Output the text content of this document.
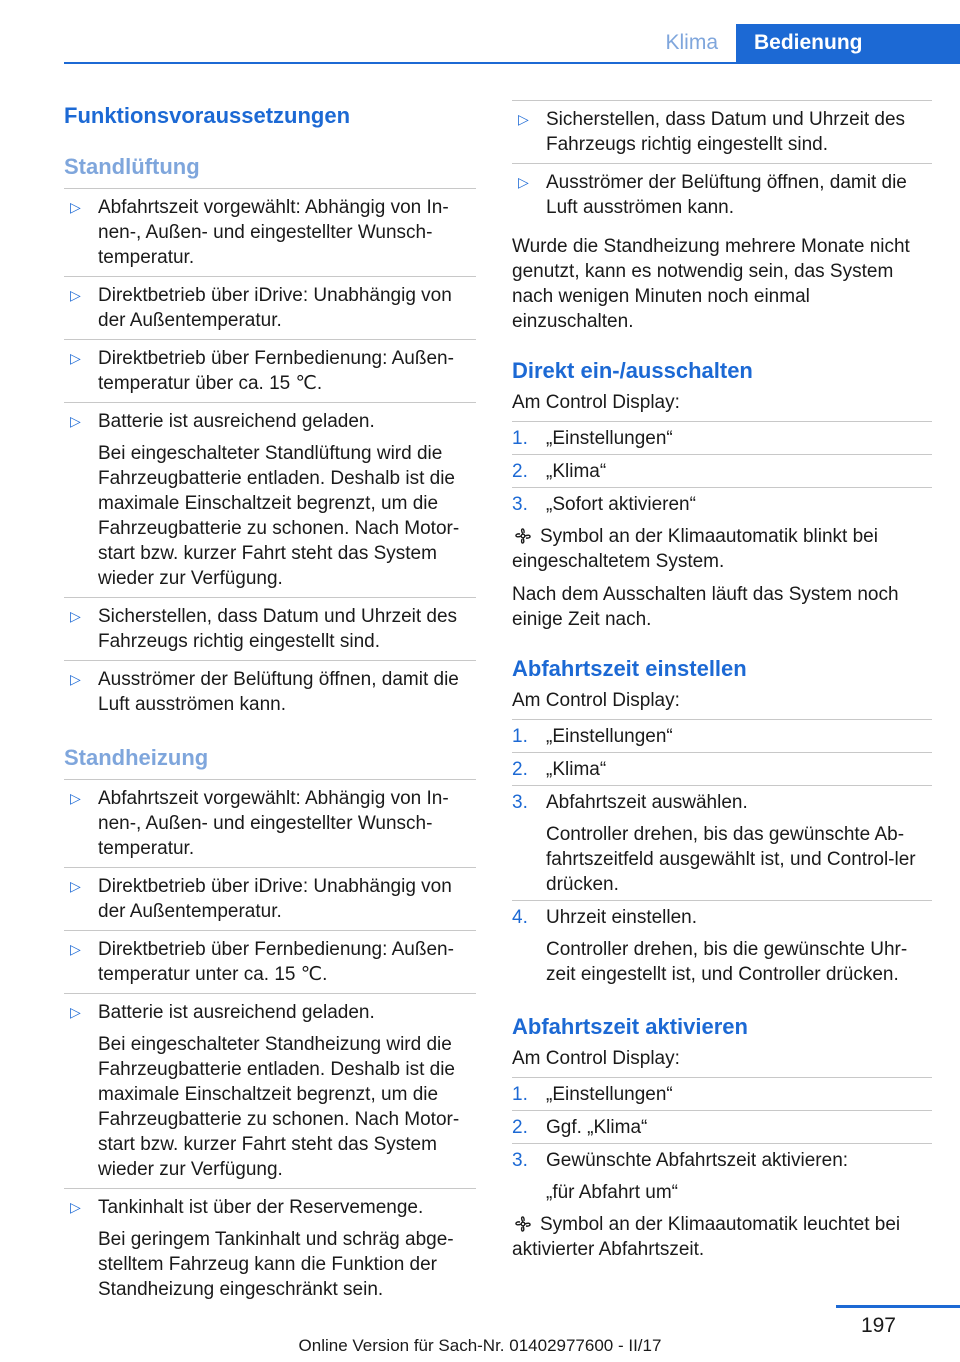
Klima	Bedienung
Funktionsvoraussetzungen
Standlüftung
▷ Abfahrtszeit vorgewählt: Abhängig von In-nen-, Außen- und eingestellter Wunsch-temperatur.

▷ Direktbetrieb über iDrive: Unabhängig von der Außentemperatur.

▷ Direktbetrieb über Fernbedienung: Außen-temperatur über ca. 15 ℃.

▷ Batterie ist ausreichend geladen.

Bei eingeschalteter Standlüftung wird die Fahrzeugbatterie entladen. Deshalb ist die maximale Einschaltzeit begrenzt, um die Fahrzeugbatterie zu schonen. Nach Motor-start bzw. kurzer Fahrt steht das System wieder zur Verfügung.

▷ Sicherstellen, dass Datum und Uhrzeit des Fahrzeugs richtig eingestellt sind.

▷ Ausströmer der Belüftung öffnen, damit die Luft ausströmen kann.

Standheizung
▷ Abfahrtszeit vorgewählt: Abhängig von In-nen-, Außen- und eingestellter Wunsch-temperatur.

▷ Direktbetrieb über iDrive: Unabhängig von der Außentemperatur.

▷ Direktbetrieb über Fernbedienung: Außen-temperatur unter ca. 15 ℃.

▷ Batterie ist ausreichend geladen.

Bei eingeschalteter Standheizung wird die Fahrzeugbatterie entladen. Deshalb ist die maximale Einschaltzeit begrenzt, um die Fahrzeugbatterie zu schonen. Nach Motor-start bzw. kurzer Fahrt steht das System wieder zur Verfügung.

▷ Tankinhalt ist über der Reservemenge.

Bei geringem Tankinhalt und schräg abge-stelltem Fahrzeug kann die Funktion der Standheizung eingeschränkt sein.

▷ Sicherstellen, dass Datum und Uhrzeit des Fahrzeugs richtig eingestellt sind.

▷ Ausströmer der Belüftung öffnen, damit die Luft ausströmen kann.

Wurde die Standheizung mehrere Monate nicht genutzt, kann es notwendig sein, das System nach wenigen Minuten noch einmal einzuschalten.

Direkt ein-/ausschalten
Am Control Display:
1. „Einstellungen“

2. „Klima“

3. „Sofort aktivieren“

Symbol an der Klimaautomatik blinkt bei eingeschaltetem System.

Nach dem Ausschalten läuft das System noch einige Zeit nach.

Abfahrtszeit einstellen
Am Control Display:
1. „Einstellungen“

2. „Klima“

3. Abfahrtszeit auswählen.

Controller drehen, bis das gewünschte Ab-fahrtszeitfeld ausgewählt ist, und Control-ler drücken.

4. Uhrzeit einstellen.

Controller drehen, bis die gewünschte Uhr-zeit eingestellt ist, und Controller drücken.

Abfahrtszeit aktivieren
Am Control Display:
1. „Einstellungen“

2. Ggf. „Klima“

3. Gewünschte Abfahrtszeit aktivieren:

„für Abfahrt um“

Symbol an der Klimaautomatik leuchtet bei aktivierter Abfahrtszeit.
197
Online Version für Sach-Nr. 01402977600 - II/17
